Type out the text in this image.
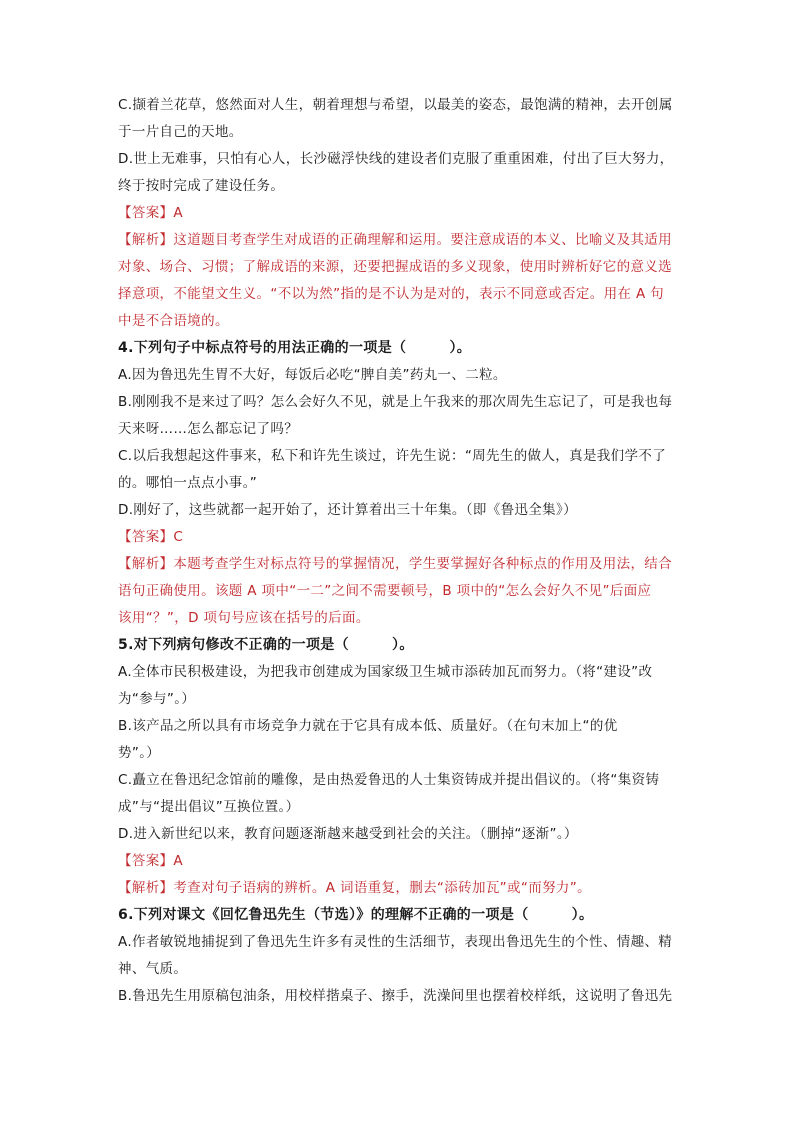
C.撷着兰花草，悠然面对人生，朝着理想与希望，以最美的姿态，最饱满的精神，去开创属
于一片自己的天地。
D.世上无难事，只怕有心人，长沙磁浮快线的建设者们克服了重重困难，付出了巨大努力，
终于按时完成了建设任务。
【答案】A
【解析】这道题目考查学生对成语的正确理解和运用。要注意成语的本义、比喻义及其适用
对象、场合、习惯；了解成语的来源，还要把握成语的多义现象，使用时辨析好它的意义选
择意项，不能望文生义。“不以为然”指的是不认为是对的，表示不同意或否定。用在 A 句
中是不合语境的。
4.下列句子中标点符号的用法正确的一项是（　　　）。
A.因为鲁迅先生胃不大好，每饭后必吃“脾自美”药丸一、二粒。
B.刚刚我不是来过了吗？怎么会好久不见，就是上午我来的那次周先生忘记了，可是我也每
天来呀……怎么都忘记了吗？
C.以后我想起这件事来，私下和许先生谈过，许先生说：“周先生的做人，真是我们学不了
的。哪怕一点点小事。”
D.刚好了，这些就都一起开始了，还计算着出三十年集。（即《鲁迅全集》）
【答案】C
【解析】本题考查学生对标点符号的掌握情况，学生要掌握好各种标点的作用及用法，结合
语句正确使用。该题 A 项中“一二”之间不需要顿号，B 项中的“怎么会好久不见”后面应
该用“？”，D 项句号应该在括号的后面。
5.对下列病句修改不正确的一项是（　　　）。
A.全体市民积极建设，为把我市创建成为国家级卫生城市添砖加瓦而努力。（将“建设”改
为“参与”。）
B.该产品之所以具有市场竞争力就在于它具有成本低、质量好。（在句末加上“的优
势”。）
C.矗立在鲁迅纪念馆前的雕像，是由热爱鲁迅的人士集资铸成并提出倡议的。（将“集资铸
成”与“提出倡议”互换位置。）
D.进入新世纪以来，教育问题逐渐越来越受到社会的关注。（删掉“逐渐”。）
【答案】A
【解析】考查对句子语病的辨析。A 词语重复，删去“添砖加瓦”或“而努力”。
6.下列对课文《回忆鲁迅先生（节选）》的理解不正确的一项是（　　　）。
A.作者敏锐地捕捉到了鲁迅先生许多有灵性的生活细节，表现出鲁迅先生的个性、情趣、精
神、气质。
B.鲁迅先生用原稿包油条，用校样揩桌子、擦手，洗澡间里也摆着校样纸，这说明了鲁迅先
